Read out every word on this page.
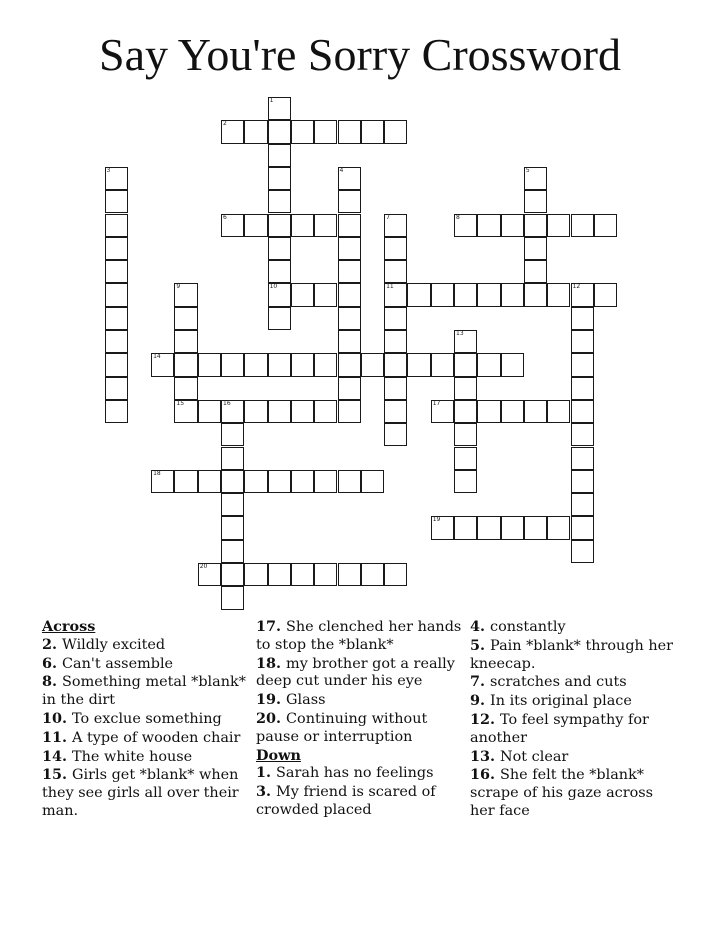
Say You're Sorry Crossword
1
10
2
3	4	5
6	7
11
8
9
15
12
13
14
16	17
18
19
20
Across
2. Wildly excited
6. Can't assemble
8. Something metal *blank* in the dirt
10. To exclue something
11. A type of wooden chair
14. The white house
15. Girls get *blank* when they see girls all over their man.
17. She clenched her hands to stop the *blank*
18. my brother got a really deep cut under his eye
19. Glass
20. Continuing without pause or interruption
Down
1. Sarah has no feelings
3. My friend is scared of crowded placed
4. constantly
5. Pain *blank* through her kneecap.
7. scratches and cuts
9. In its original place
12. To feel sympathy for another
13. Not clear
16. She felt the *blank* scrape of his gaze across her face
